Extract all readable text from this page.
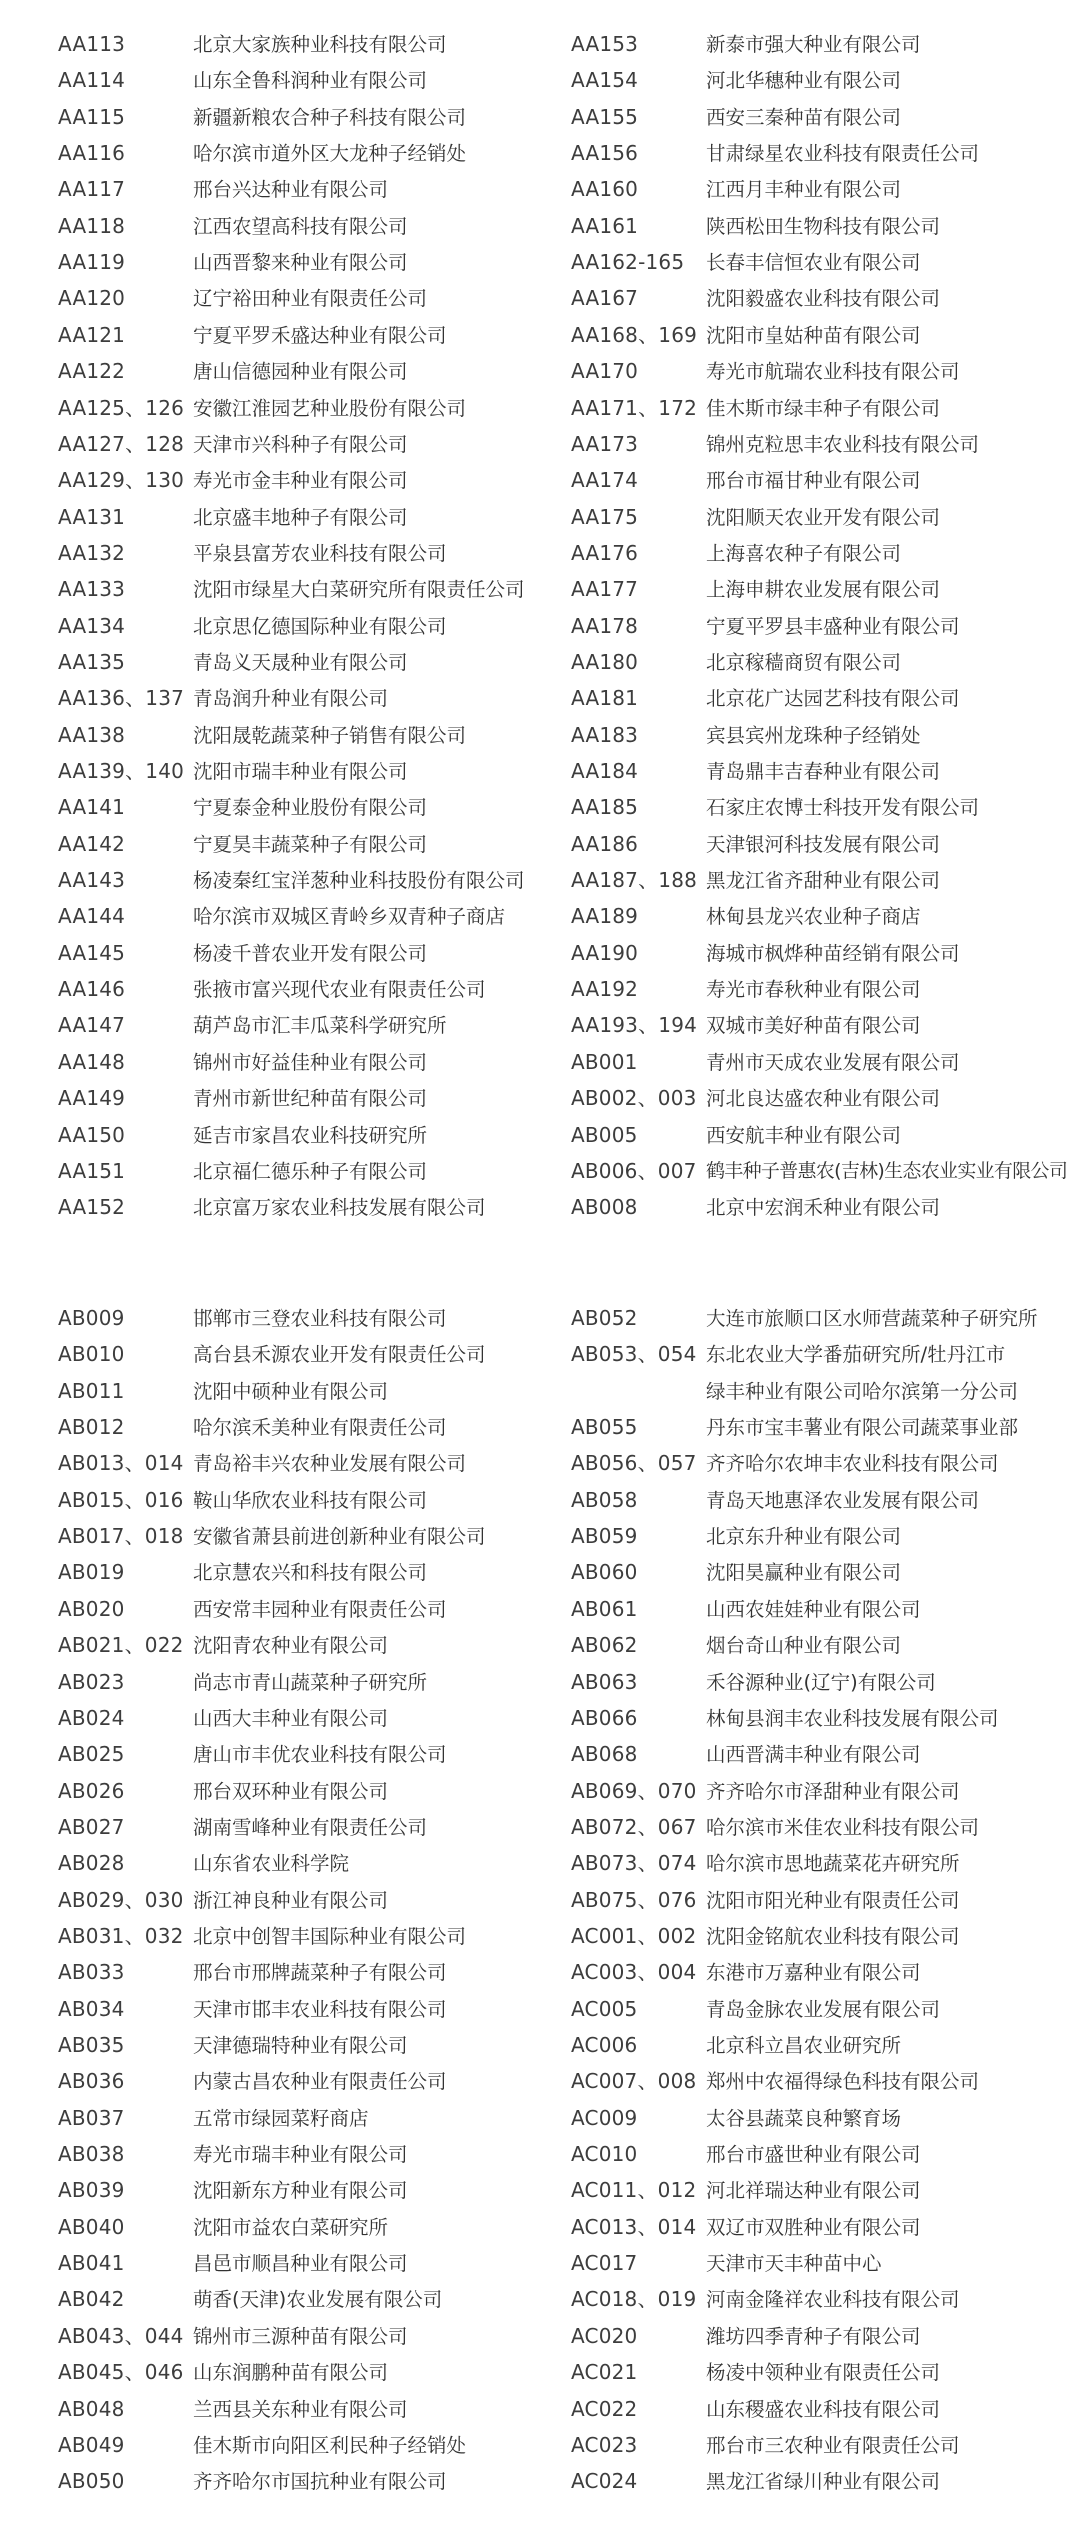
AA113	北京大家族种业科技有限公司
AA114	山东全鲁科润种业有限公司
AA115	新疆新粮农合种子科技有限公司
AA116	哈尔滨市道外区大龙种子经销处
AA117	邢台兴达种业有限公司
AA118	江西农望高科技有限公司
AA119	山西晋黎来种业有限公司
AA120	辽宁裕田种业有限责任公司
AA121	宁夏平罗禾盛达种业有限公司
AA122	唐山信德园种业有限公司
AA125、126 安徽江淮园艺种业股份有限公司
AA127、128 天津市兴科种子有限公司
AA129、130 寿光市金丰种业有限公司
AA131	北京盛丰地种子有限公司
AA132	平泉县富芳农业科技有限公司
AA133	沈阳市绿星大白菜研究所有限责任公司
AA134	北京思亿德国际种业有限公司
AA135	青岛义天晟种业有限公司
AA136、137 青岛润升种业有限公司
AA138	沈阳晟乾蔬菜种子销售有限公司
AA139、140 沈阳市瑞丰种业有限公司
AA141	宁夏泰金种业股份有限公司
AA142	宁夏昊丰蔬菜种子有限公司
AA143	杨凌秦红宝洋葱种业科技股份有限公司
AA144	哈尔滨市双城区青岭乡双青种子商店
AA145	杨凌千普农业开发有限公司
AA146	张掖市富兴现代农业有限责任公司
AA147	葫芦岛市汇丰瓜菜科学研究所
AA148	锦州市好益佳种业有限公司
AA149	青州市新世纪种苗有限公司
AA150	延吉市家昌农业科技研究所
AA151	北京福仁德乐种子有限公司
AA152	北京富万家农业科技发展有限公司
AA153	新泰市强大种业有限公司
AA154	河北华穗种业有限公司
AA155	西安三秦种苗有限公司
AA156	甘肃绿星农业科技有限责任公司
AA160	江西月丰种业有限公司
AA161	陕西松田生物科技有限公司
AA162-165 长春丰信恒农业有限公司
AA167	沈阳毅盛农业科技有限公司
AA168、169 沈阳市皇姑种苗有限公司
AA170	寿光市航瑞农业科技有限公司
AA171、172 佳木斯市绿丰种子有限公司
AA173	锦州克粒思丰农业科技有限公司
AA174	邢台市福甘种业有限公司
AA175	沈阳顺天农业开发有限公司
AA176	上海喜农种子有限公司
AA177	上海申耕农业发展有限公司
AA178	宁夏平罗县丰盛种业有限公司
AA180	北京稼穑商贸有限公司
AA181	北京花广达园艺科技有限公司
AA183	宾县宾州龙珠种子经销处
AA184	青岛鼎丰吉春种业有限公司
AA185	石家庄农博士科技开发有限公司
AA186	天津银河科技发展有限公司
AA187、188 黑龙江省齐甜种业有限公司
AA189	林甸县龙兴农业种子商店
AA190	海城市枫烨种苗经销有限公司
AA192	寿光市春秋种业有限公司
AA193、194 双城市美好种苗有限公司
AB001	青州市天成农业发展有限公司
AB002、003 河北良达盛农种业有限公司
AB005	西安航丰种业有限公司
AB006、007 鹤丰种子普惠农(吉林)生态农业实业有限公司
AB008	北京中宏润禾种业有限公司
AB009	邯郸市三登农业科技有限公司
AB010	高台县禾源农业开发有限责任公司
AB011	沈阳中硕种业有限公司
AB012	哈尔滨禾美种业有限责任公司
AB013、014 青岛裕丰兴农种业发展有限公司
AB015、016 鞍山华欣农业科技有限公司
AB017、018 安徽省萧县前进创新种业有限公司
AB019	北京慧农兴和科技有限公司
AB020	西安常丰园种业有限责任公司
AB021、022 沈阳青农种业有限公司
AB023	尚志市青山蔬菜种子研究所
AB024	山西大丰种业有限公司
AB025	唐山市丰优农业科技有限公司
AB026	邢台双环种业有限公司
AB027	湖南雪峰种业有限责任公司
AB028	山东省农业科学院
AB029、030 浙江神良种业有限公司
AB031、032 北京中创智丰国际种业有限公司
AB033	邢台市邢牌蔬菜种子有限公司
AB034	天津市邯丰农业科技有限公司
AB035	天津德瑞特种业有限公司
AB036	内蒙古昌农种业有限责任公司
AB037	五常市绿园菜籽商店
AB038	寿光市瑞丰种业有限公司
AB039	沈阳新东方种业有限公司
AB040	沈阳市益农白菜研究所
AB041	昌邑市顺昌种业有限公司
AB042	萌香(天津)农业发展有限公司
AB043、044 锦州市三源种苗有限公司
AB045、046 山东润鹏种苗有限公司
AB048	兰西县关东种业有限公司
AB049	佳木斯市向阳区利民种子经销处
AB050	齐齐哈尔市国抗种业有限公司
AB052	大连市旅顺口区水师营蔬菜种子研究所
AB053、054 东北农业大学番茄研究所/牡丹江市
绿丰种业有限公司哈尔滨第一分公司
AB055	丹东市宝丰薯业有限公司蔬菜事业部
AB056、057 齐齐哈尔农坤丰农业科技有限公司
AB058	青岛天地惠泽农业发展有限公司
AB059	北京东升种业有限公司
AB060	沈阳昊赢种业有限公司
AB061	山西农娃娃种业有限公司
AB062	烟台奇山种业有限公司
AB063	禾谷源种业(辽宁)有限公司
AB066	林甸县润丰农业科技发展有限公司
AB068	山西晋满丰种业有限公司
AB069、070 齐齐哈尔市泽甜种业有限公司
AB072、067 哈尔滨市米佳农业科技有限公司
AB073、074 哈尔滨市思地蔬菜花卉研究所
AB075、076 沈阳市阳光种业有限责任公司
AC001、002 沈阳金铭航农业科技有限公司
AC003、004 东港市万嘉种业有限公司
AC005	青岛金脉农业发展有限公司
AC006	北京科立昌农业研究所
AC007、008 郑州中农福得绿色科技有限公司
AC009	太谷县蔬菜良种繁育场
AC010	邢台市盛世种业有限公司
AC011、012 河北祥瑞达种业有限公司
AC013、014 双辽市双胜种业有限公司
AC017	天津市天丰种苗中心
AC018、019 河南金隆祥农业科技有限公司
AC020	潍坊四季青种子有限公司
AC021	杨凌中领种业有限责任公司
AC022	山东稷盛农业科技有限公司
AC023	邢台市三农种业有限责任公司
AC024	黑龙江省绿川种业有限公司
